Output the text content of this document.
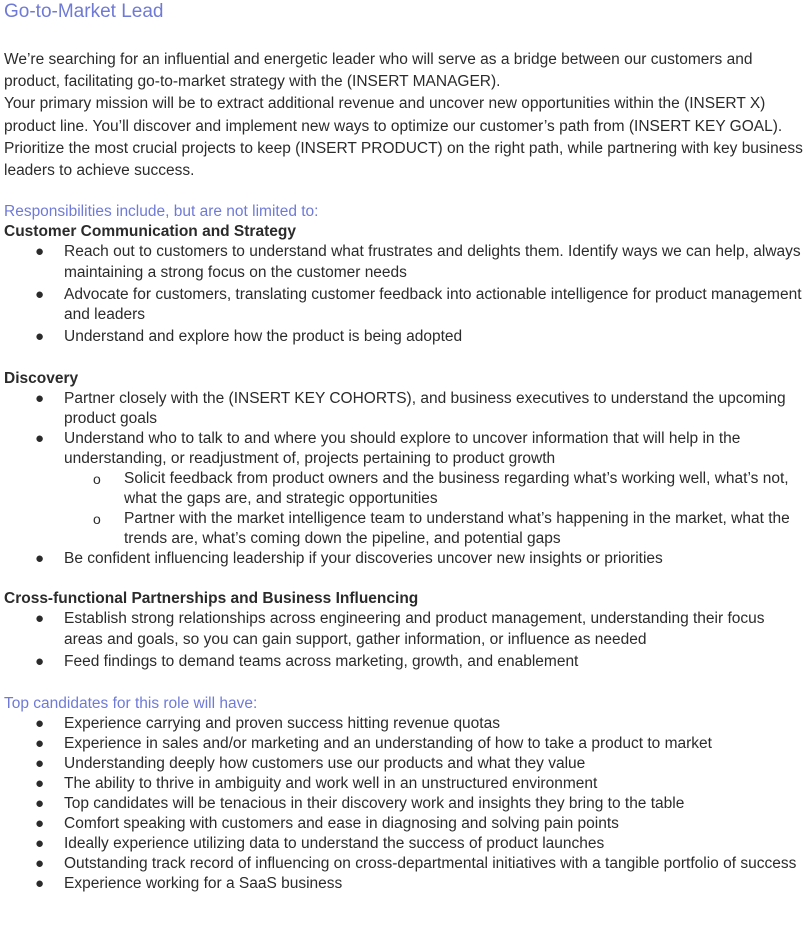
Go-to-Market Lead

We’re searching for an influential and energetic leader who will serve as a bridge between our customers and product, facilitating go-to-market strategy with the (INSERT MANAGER).
Your primary mission will be to extract additional revenue and uncover new opportunities within the (INSERT X) product line. You’ll discover and implement new ways to optimize our customer’s path from (INSERT KEY GOAL). Prioritize the most crucial projects to keep (INSERT PRODUCT) on the right path, while partnering with key business leaders to achieve success.

Responsibilities include, but are not limited to:
Customer Communication and Strategy
● Reach out to customers to understand what frustrates and delights them. Identify ways we can help, always maintaining a strong focus on the customer needs
● Advocate for customers, translating customer feedback into actionable intelligence for product management and leaders
● Understand and explore how the product is being adopted
Discovery
● Partner closely with the (INSERT KEY COHORTS), and business executives to understand the upcoming product goals
● Understand who to talk to and where you should explore to uncover information that will help in the understanding, or readjustment of, projects pertaining to product growth
o Solicit feedback from product owners and the business regarding what’s working well, what’s not, what the gaps are, and strategic opportunities
o Partner with the market intelligence team to understand what’s happening in the market, what the trends are, what’s coming down the pipeline, and potential gaps
● Be confident influencing leadership if your discoveries uncover new insights or priorities
Cross-functional Partnerships and Business Influencing
● Establish strong relationships across engineering and product management, understanding their focus areas and goals, so you can gain support, gather information, or influence as needed
● Feed findings to demand teams across marketing, growth, and enablement
Top candidates for this role will have:
● Experience carrying and proven success hitting revenue quotas
● Experience in sales and/or marketing and an understanding of how to take a product to market
● Understanding deeply how customers use our products and what they value
● The ability to thrive in ambiguity and work well in an unstructured environment
● Top candidates will be tenacious in their discovery work and insights they bring to the table
● Comfort speaking with customers and ease in diagnosing and solving pain points
● Ideally experience utilizing data to understand the success of product launches
● Outstanding track record of influencing on cross-departmental initiatives with a tangible portfolio of success
● Experience working for a SaaS business
